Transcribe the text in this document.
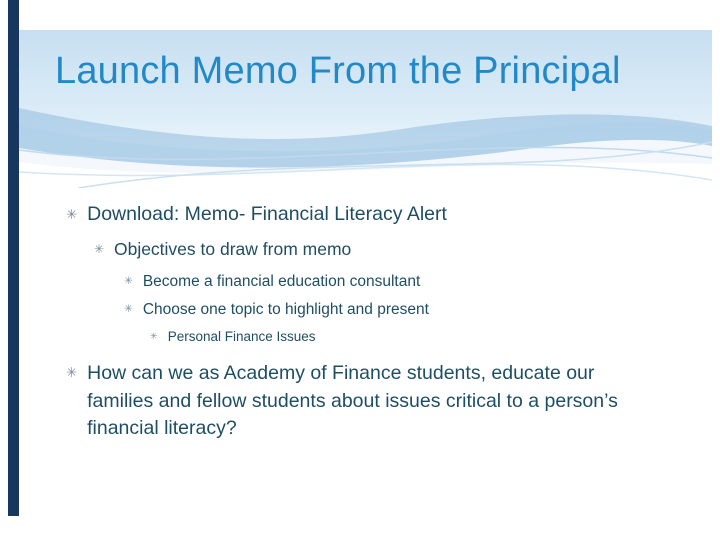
Launch Memo From the Principal
✳ Download: Memo- Financial Literacy Alert
✳ Objectives to draw from memo
✳ Become a financial education consultant
✳ Choose one topic to highlight and present
✳ Personal Finance Issues
✳ How can we as Academy of Finance students, educate our families and fellow students about issues critical to a person’s financial literacy?
